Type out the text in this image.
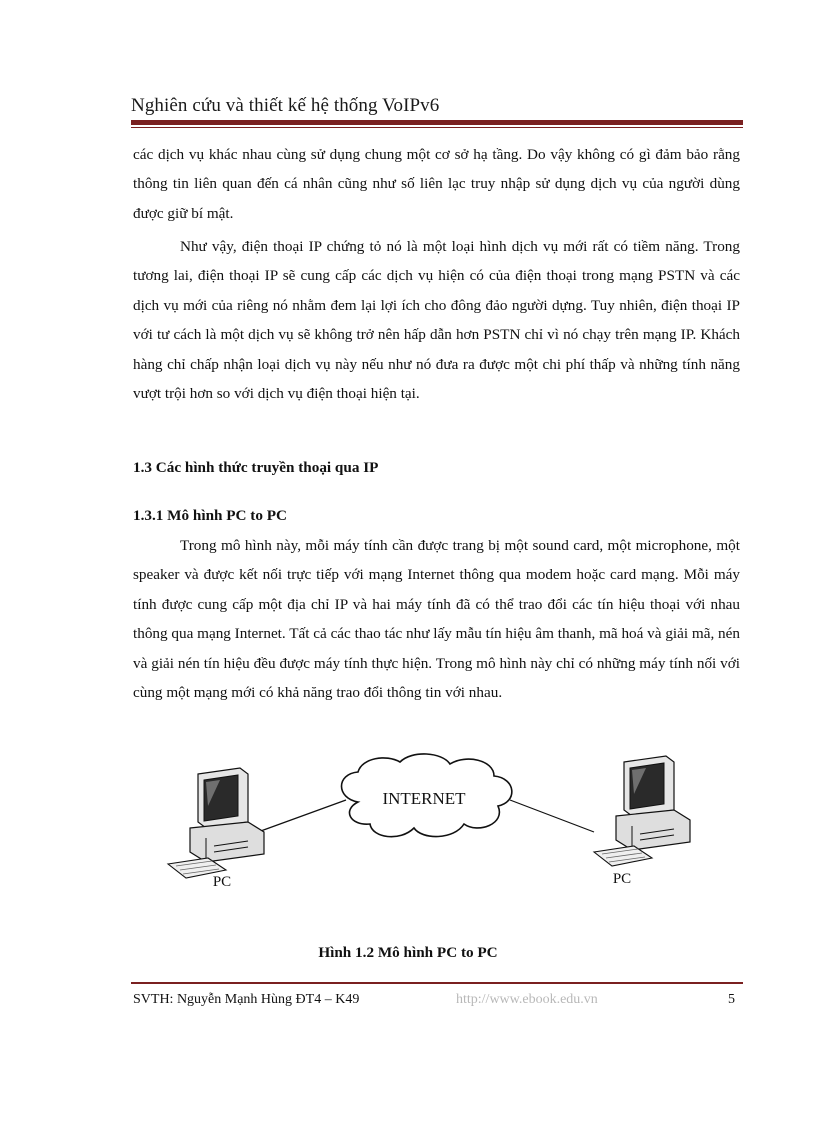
Nghiên cứu và thiết kế hệ thống VoIPv6

các dịch vụ khác nhau cùng sử dụng chung một cơ sở hạ tầng. Do vậy không có gì đảm bảo rằng thông tin liên quan đến cá nhân cũng như số liên lạc truy nhập sử dụng dịch vụ của người dùng được giữ bí mật.

Như vậy, điện thoại IP chứng tỏ nó là một loại hình dịch vụ mới rất có tiềm năng. Trong tương lai, điện thoại IP sẽ cung cấp các dịch vụ hiện có của điện thoại trong mạng PSTN và các dịch vụ mới của riêng nó nhằm đem lại lợi ích cho đông đảo người dựng. Tuy nhiên, điện thoại IP với tư cách là một dịch vụ sẽ không trở nên hấp dẫn hơn PSTN chỉ vì nó chạy trên mạng IP. Khách hàng chỉ chấp nhận loại dịch vụ này nếu như nó đưa ra được một chi phí thấp và những tính năng vượt trội hơn so với dịch vụ điện thoại hiện tại.

1.3 Các hình thức truyền thoại qua IP

1.3.1 Mô hình PC to PC

Trong mô hình này, mỗi máy tính cần được trang bị một sound card, một microphone, một speaker và được kết nối trực tiếp với mạng Internet thông qua modem hoặc card mạng. Mỗi máy tính được cung cấp một địa chỉ IP và hai máy tính đã có thể trao đổi các tín hiệu thoại với nhau thông qua mạng Internet. Tất cả các thao tác như lấy mẫu tín hiệu âm thanh, mã hoá và giải mã, nén và giải nén tín hiệu đều được máy tính thực hiện. Trong mô hình này chỉ có những máy tính nối với cùng một mạng mới có khả năng trao đổi thông tin với nhau.

INTERNET
PC	PC
Hình 1.2 Mô hình PC to PC
SVTH: Nguyễn Mạnh Hùng ĐT4 – K49	http://www.ebook.edu.vn	5
